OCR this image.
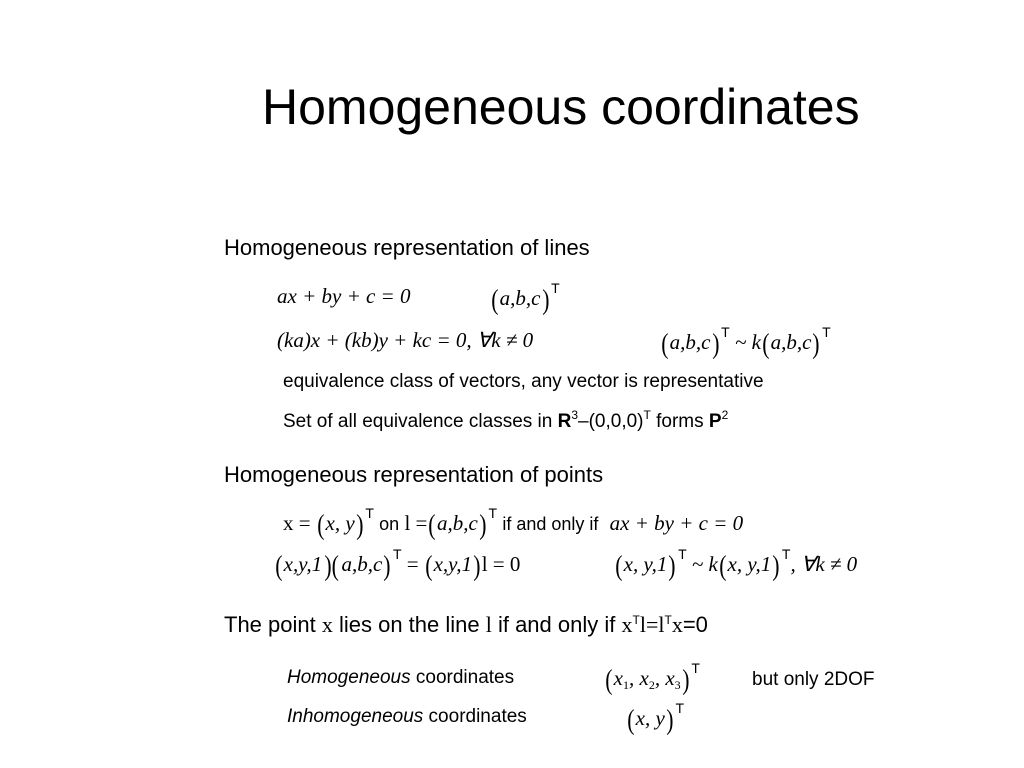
Homogeneous coordinates
Homogeneous representation of lines
ax + by + c = 0	(a,b,c) $^T$
(ka)x + (kb)y + kc = 0, ∀k ≠ 0	(a,b,c) $^T$ ~ k(a,b,c) $^T$
equivalence class of vectors, any vector is representative
Set of all equivalence classes in $R^3-(0,0,0)^T$ forms $P^2$
Homogeneous representation of points
x = (x, y) $^T$ on l =(a,b,c) $^T$ if and only if ax + by + c = 0
(x,y,1)( a,b,c) $^T$ = (x,y,1)l = 0	(x, y,1) $^T$ ~ k(x, y,1) $^T$, ∀k ≠ 0
The point x lies on the line l if and only if $x^Tl=l^Tx=0$
Homogeneous coordinates	($x_1$, $x_2$, $x_3$) $^T$
but only 2DOF
Inhomogeneous coordinates	(x, y) $^T$
